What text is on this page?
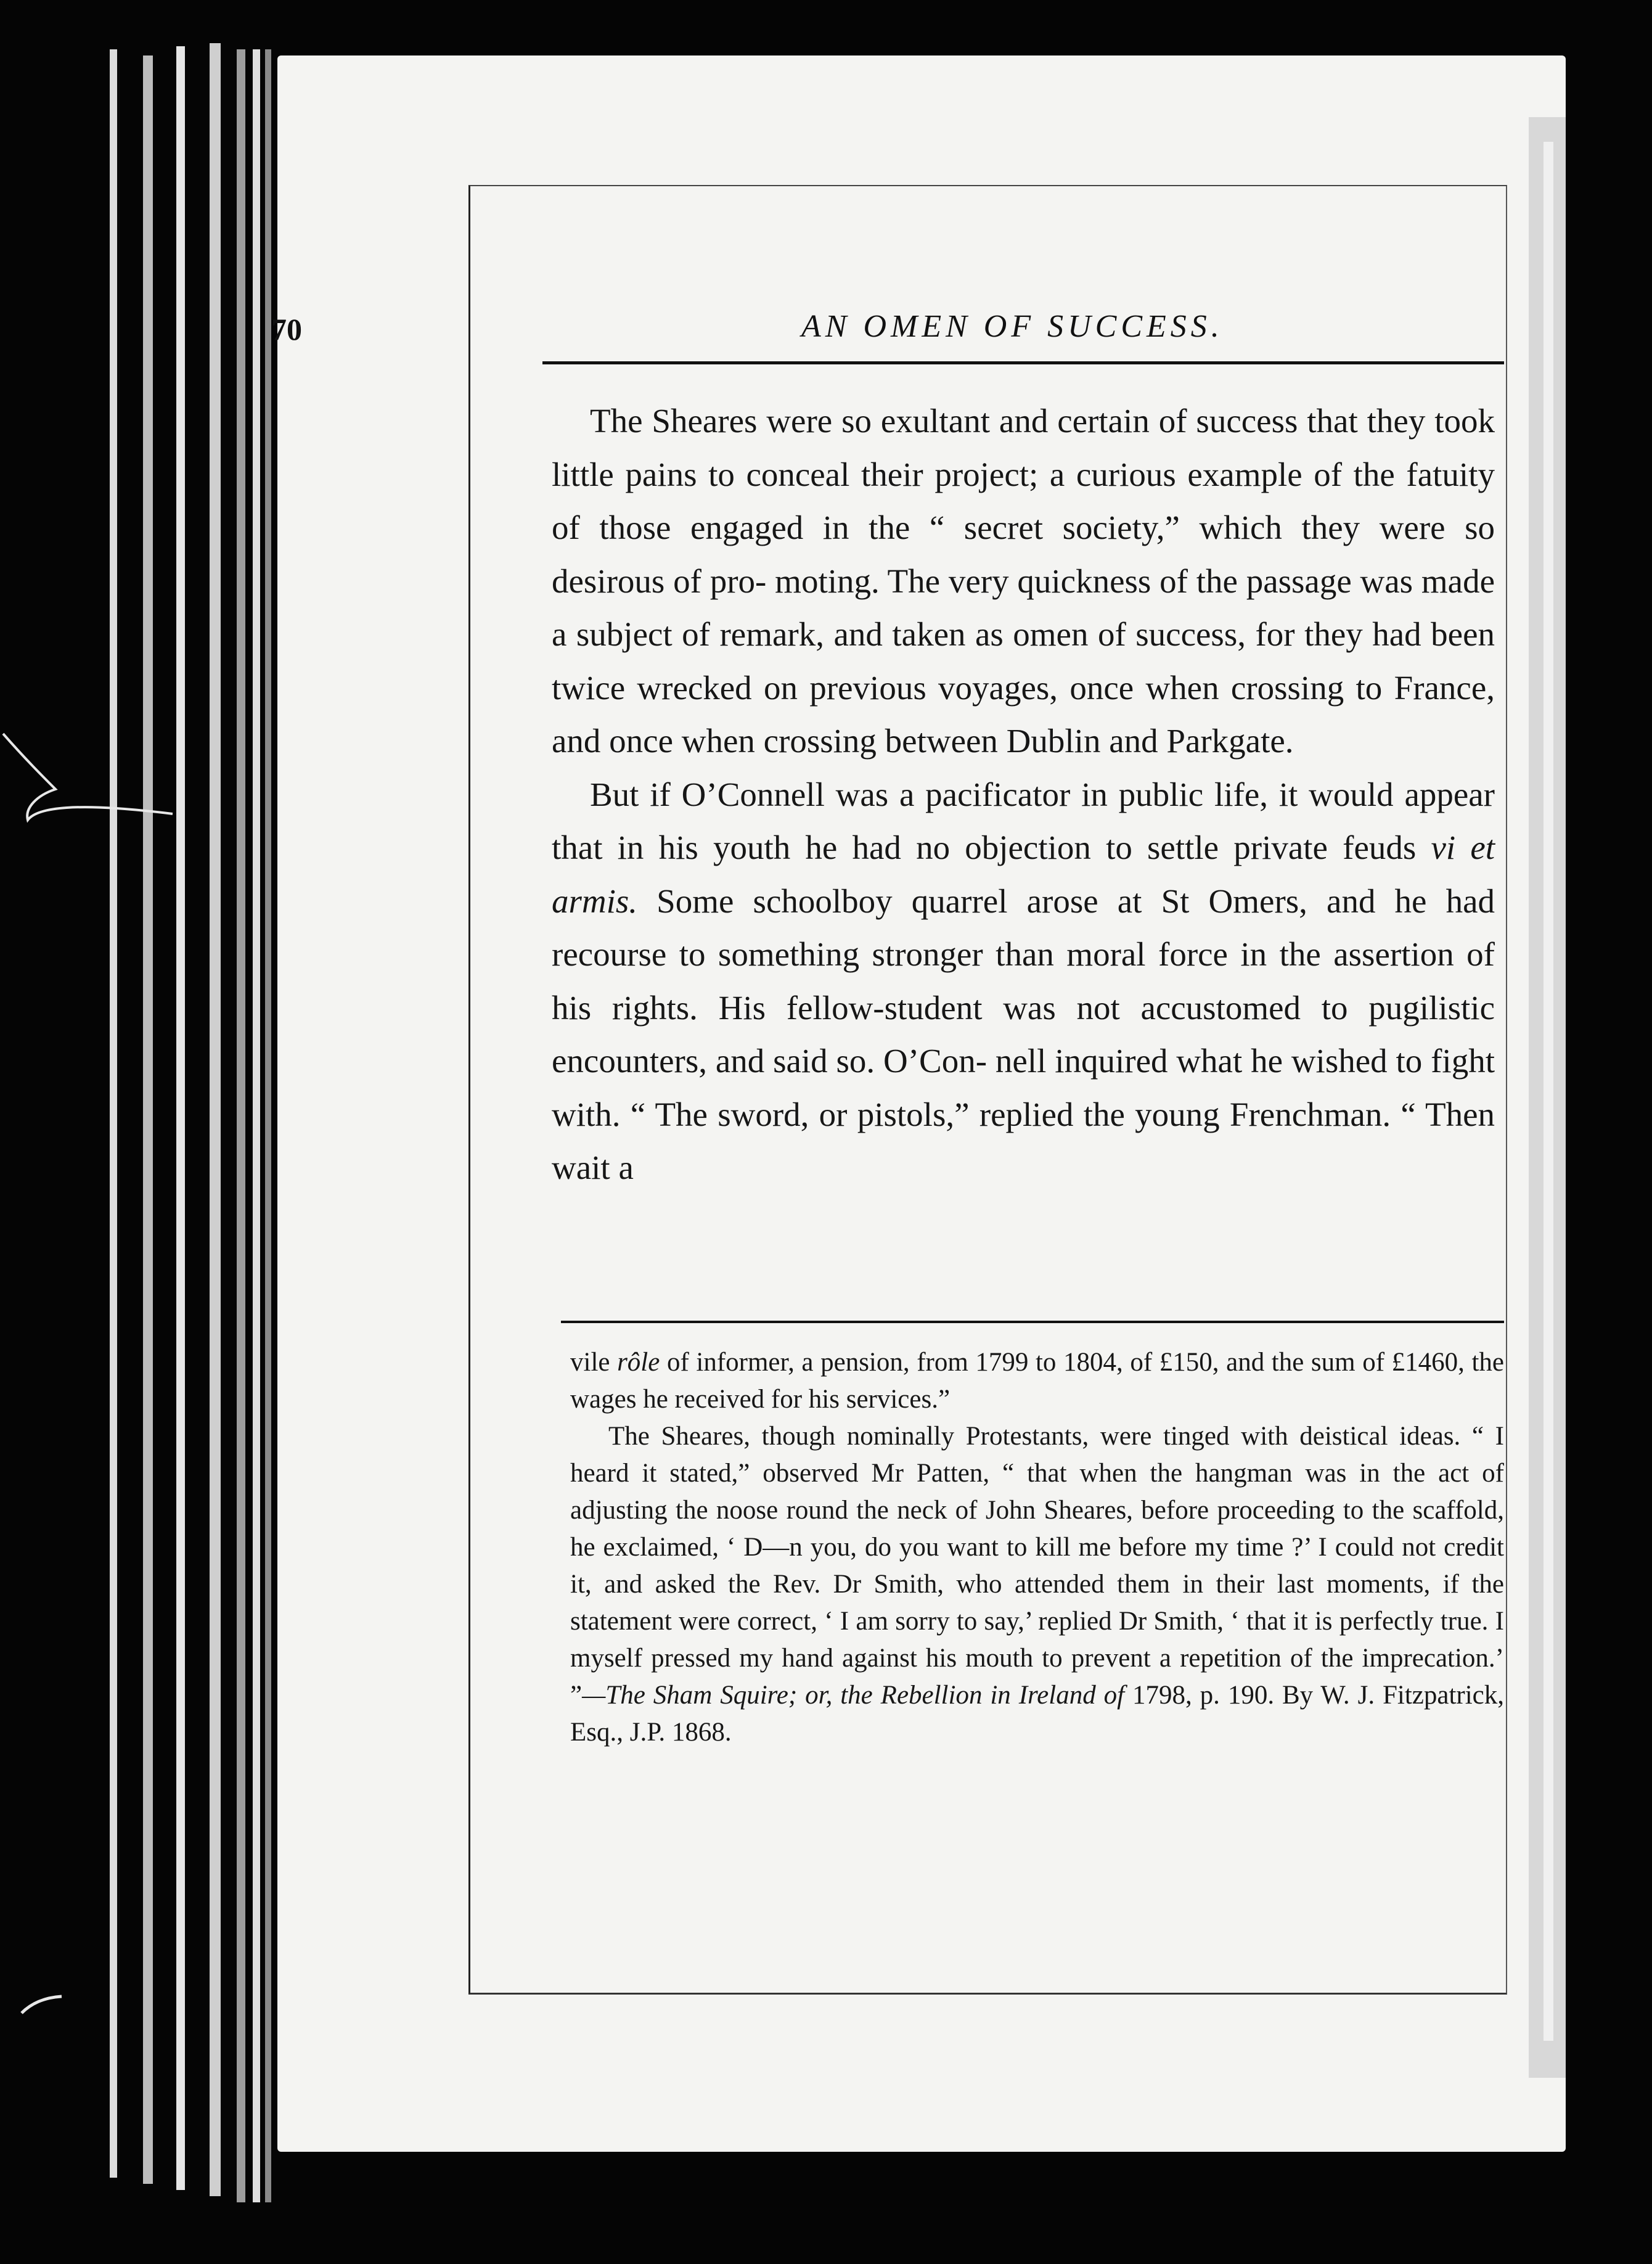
70	AN OMEN OF SUCCESS.

The Sheares were so exultant and certain of success that they took little pains to conceal their project; a curious example of the fatuity of those engaged in the “ secret society,” which they were so desirous of pro- moting. The very quickness of the passage was made a subject of remark, and taken as omen of success, for they had been twice wrecked on previous voyages, once when crossing to France, and once when crossing between Dublin and Parkgate.

But if O’Connell was a pacificator in public life, it would appear that in his youth he had no objection to settle private feuds vi et armis. Some schoolboy quarrel arose at St Omers, and he had recourse to something stronger than moral force in the assertion of his rights. His fellow-student was not accustomed to pugilistic encounters, and said so. O’Con- nell inquired what he wished to fight with. “ The sword, or pistols,” replied the young Frenchman. “ Then wait a

vile rôle of informer, a pension, from 1799 to 1804, of £150, and the sum of £1460, the wages he received for his services.”

The Sheares, though nominally Protestants, were tinged with deistical ideas. “ I heard it stated,” observed Mr Patten, “ that when the hangman was in the act of adjusting the noose round the neck of John Sheares, before proceeding to the scaffold, he exclaimed, ‘ D—n you, do you want to kill me before my time ?’ I could not credit it, and asked the Rev. Dr Smith, who attended them in their last moments, if the statement were correct, ‘ I am sorry to say,’ replied Dr Smith, ‘ that it is perfectly true. I myself pressed my hand against his mouth to prevent a repetition of the imprecation.’ ”—The Sham Squire; or, the Rebellion in Ireland of 1798, p. 190. By W. J. Fitzpatrick, Esq., J.P. 1868.
